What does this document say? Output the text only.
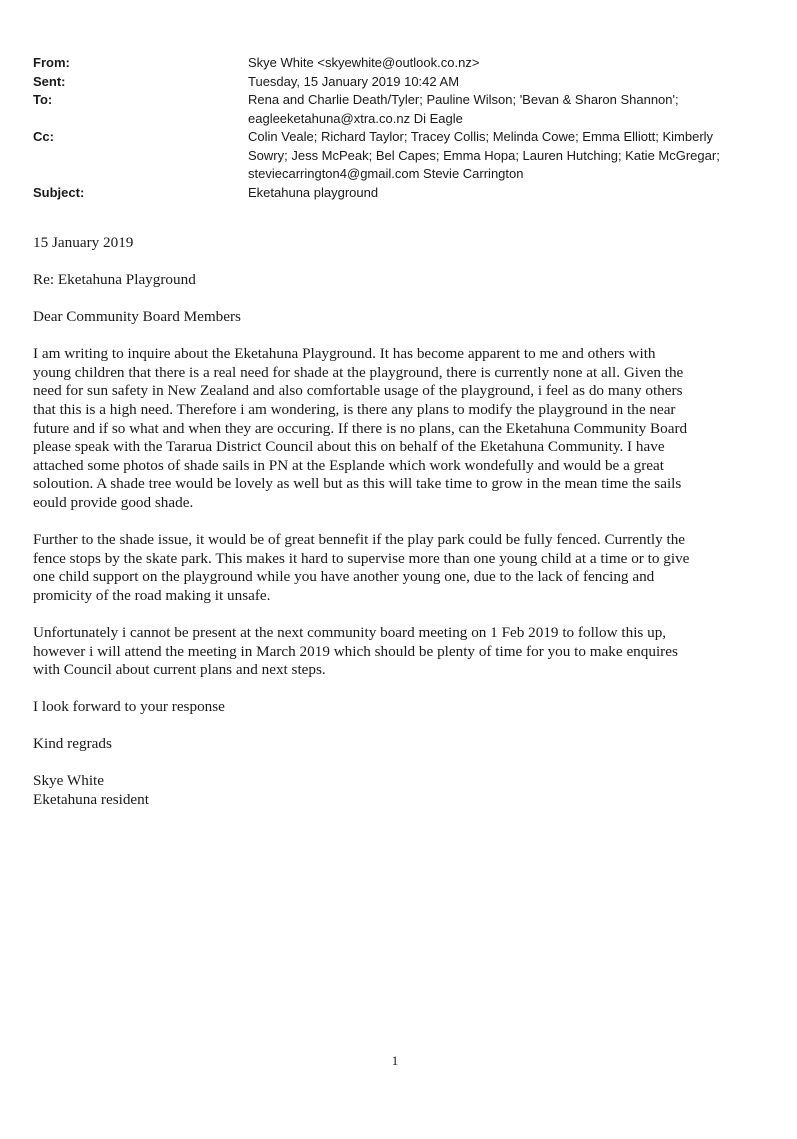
From:	Skye White <skyewhite@outlook.co.nz>
Sent:	Tuesday, 15 January 2019 10:42 AM
To:	Rena and Charlie Death/Tyler; Pauline Wilson; 'Bevan & Sharon Shannon';
eagleeketahuna@xtra.co.nz Di Eagle
Cc:	Colin Veale; Richard Taylor; Tracey Collis; Melinda Cowe; Emma Elliott; Kimberly
Sowry; Jess McPeak; Bel Capes; Emma Hopa; Lauren Hutching; Katie McGregar;
steviecarrington4@gmail.com Stevie Carrington
Subject:	Eketahuna playground

15 January 2019

Re: Eketahuna Playground

Dear Community Board Members

I am writing to inquire about the Eketahuna Playground. It has become apparent to me and others with
young children that there is a real need for shade at the playground, there is currently none at all. Given the
need for sun safety in New Zealand and also comfortable usage of the playground, i feel as do many others
that this is a high need. Therefore i am wondering, is there any plans to modify the playground in the near
future and if so what and when they are occuring. If there is no plans, can the Eketahuna Community Board
please speak with the Tararua District Council about this on behalf of the Eketahuna Community. I have
attached some photos of shade sails in PN at the Esplande which work wondefully and would be a great
soloution. A shade tree would be lovely as well but as this will take time to grow in the mean time the sails
eould provide good shade.

Further to the shade issue, it would be of great bennefit if the play park could be fully fenced. Currently the
fence stops by the skate park. This makes it hard to supervise more than one young child at a time or to give
one child support on the playground while you have another young one, due to the lack of fencing and
promicity of the road making it unsafe.

Unfortunately i cannot be present at the next community board meeting on 1 Feb 2019 to follow this up,
however i will attend the meeting in March 2019 which should be plenty of time for you to make enquires
with Council about current plans and next steps.

I look forward to your response

Kind regrads

Skye White
Eketahuna resident
1
